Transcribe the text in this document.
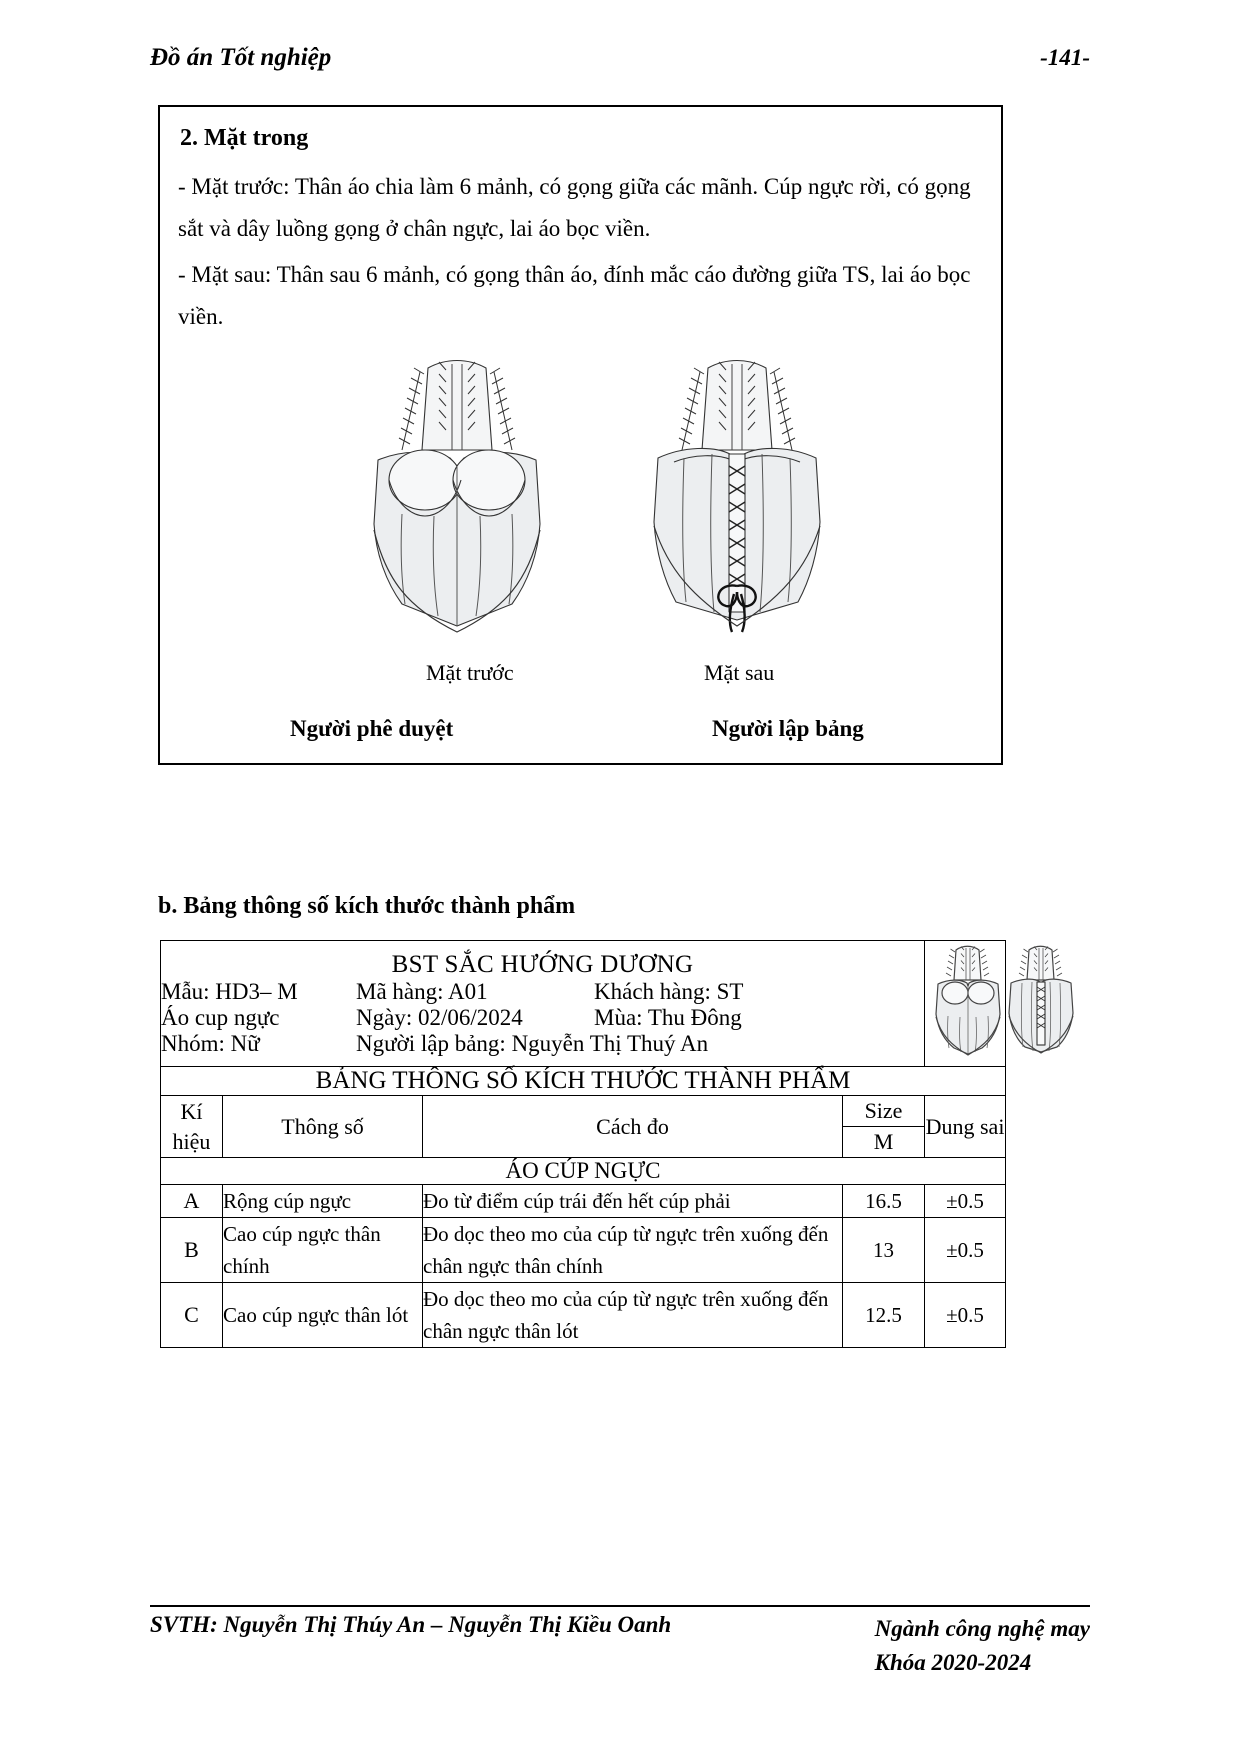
Đồ án Tốt nghiệp	-141-
2. Mặt trong

- Mặt trước: Thân áo chia làm 6 mảnh, có gọng giữa các mãnh. Cúp ngực rời, có gọng sắt và dây luồng gọng ở chân ngực, lai áo bọc viền.

- Mặt sau: Thân sau 6 mảnh, có gọng thân áo, đính mắc cáo đường giữa TS, lai áo bọc viền.

Mặt trước	Mặt sau
Người phê duyệt	Người lập bảng
b. Bảng thông số kích thước thành phẩm
BST SẮC HƯỚNG DƯƠNG
Mẫu: HD3– M	Mã hàng: A01	Khách hàng: ST
Áo cup ngực	Ngày: 02/06/2024	Mùa: Thu Đông
Nhóm: Nữ	Người lập bảng: Nguyễn Thị Thuý An

BẢNG THÔNG SỐ KÍCH THƯỚC THÀNH PHẨM
Kí hiệu	Thông số	Cách đo	Size	Dung sai
M
ÁO CÚP NGỰC
A	Rộng cúp ngực	Đo từ điểm cúp trái đến hết cúp phải	16.5	±0.5
B	Cao cúp ngực thân chính	Đo dọc theo mo của cúp từ ngực trên xuống đến chân ngực thân chính	13	±0.5
C	Cao cúp ngực thân lót	Đo dọc theo mo của cúp từ ngực trên xuống đến chân ngực thân lót	12.5	±0.5
SVTH: Nguyễn Thị Thúy An – Nguyễn Thị Kiều Oanh	Ngành công nghệ may
Khóa 2020-2024
